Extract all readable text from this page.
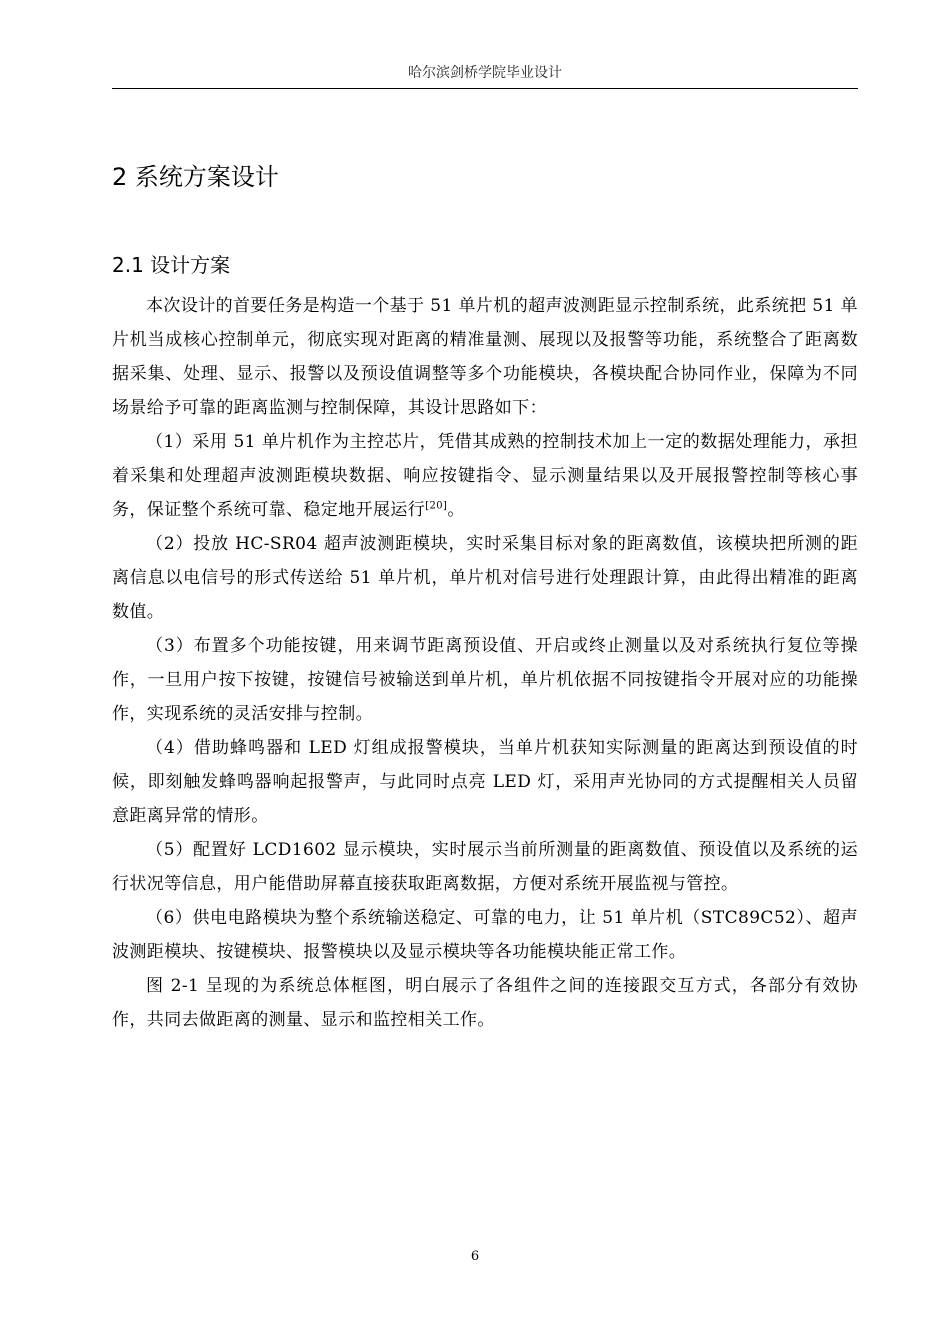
哈尔滨剑桥学院毕业设计
2 系统方案设计
2.1 设计方案

本次设计的首要任务是构造一个基于 51 单片机的超声波测距显示控制系统，此系统把 51 单片机当成核心控制单元，彻底实现对距离的精准量测、展现以及报警等功能，系统整合了距离数据采集、处理、显示、报警以及预设值调整等多个功能模块，各模块配合协同作业，保障为不同场景给予可靠的距离监测与控制保障，其设计思路如下：

（1）采用 51 单片机作为主控芯片，凭借其成熟的控制技术加上一定的数据处理能力，承担着采集和处理超声波测距模块数据、响应按键指令、显示测量结果以及开展报警控制等核心事务，保证整个系统可靠、稳定地开展运行[20]。

（2）投放 HC-SR04 超声波测距模块，实时采集目标对象的距离数值，该模块把所测的距离信息以电信号的形式传送给 51 单片机，单片机对信号进行处理跟计算，由此得出精准的距离数值。

（3）布置多个功能按键，用来调节距离预设值、开启或终止测量以及对系统执行复位等操作，一旦用户按下按键，按键信号被输送到单片机，单片机依据不同按键指令开展对应的功能操作，实现系统的灵活安排与控制。

（4）借助蜂鸣器和 LED 灯组成报警模块，当单片机获知实际测量的距离达到预设值的时候，即刻触发蜂鸣器响起报警声，与此同时点亮 LED 灯，采用声光协同的方式提醒相关人员留意距离异常的情形。

（5）配置好 LCD1602 显示模块，实时展示当前所测量的距离数值、预设值以及系统的运行状况等信息，用户能借助屏幕直接获取距离数据，方便对系统开展监视与管控。

（6）供电电路模块为整个系统输送稳定、可靠的电力，让 51 单片机（STC89C52）、超声波测距模块、按键模块、报警模块以及显示模块等各功能模块能正常工作。

图 2-1 呈现的为系统总体框图，明白展示了各组件之间的连接跟交互方式，各部分有效协作，共同去做距离的测量、显示和监控相关工作。

6
